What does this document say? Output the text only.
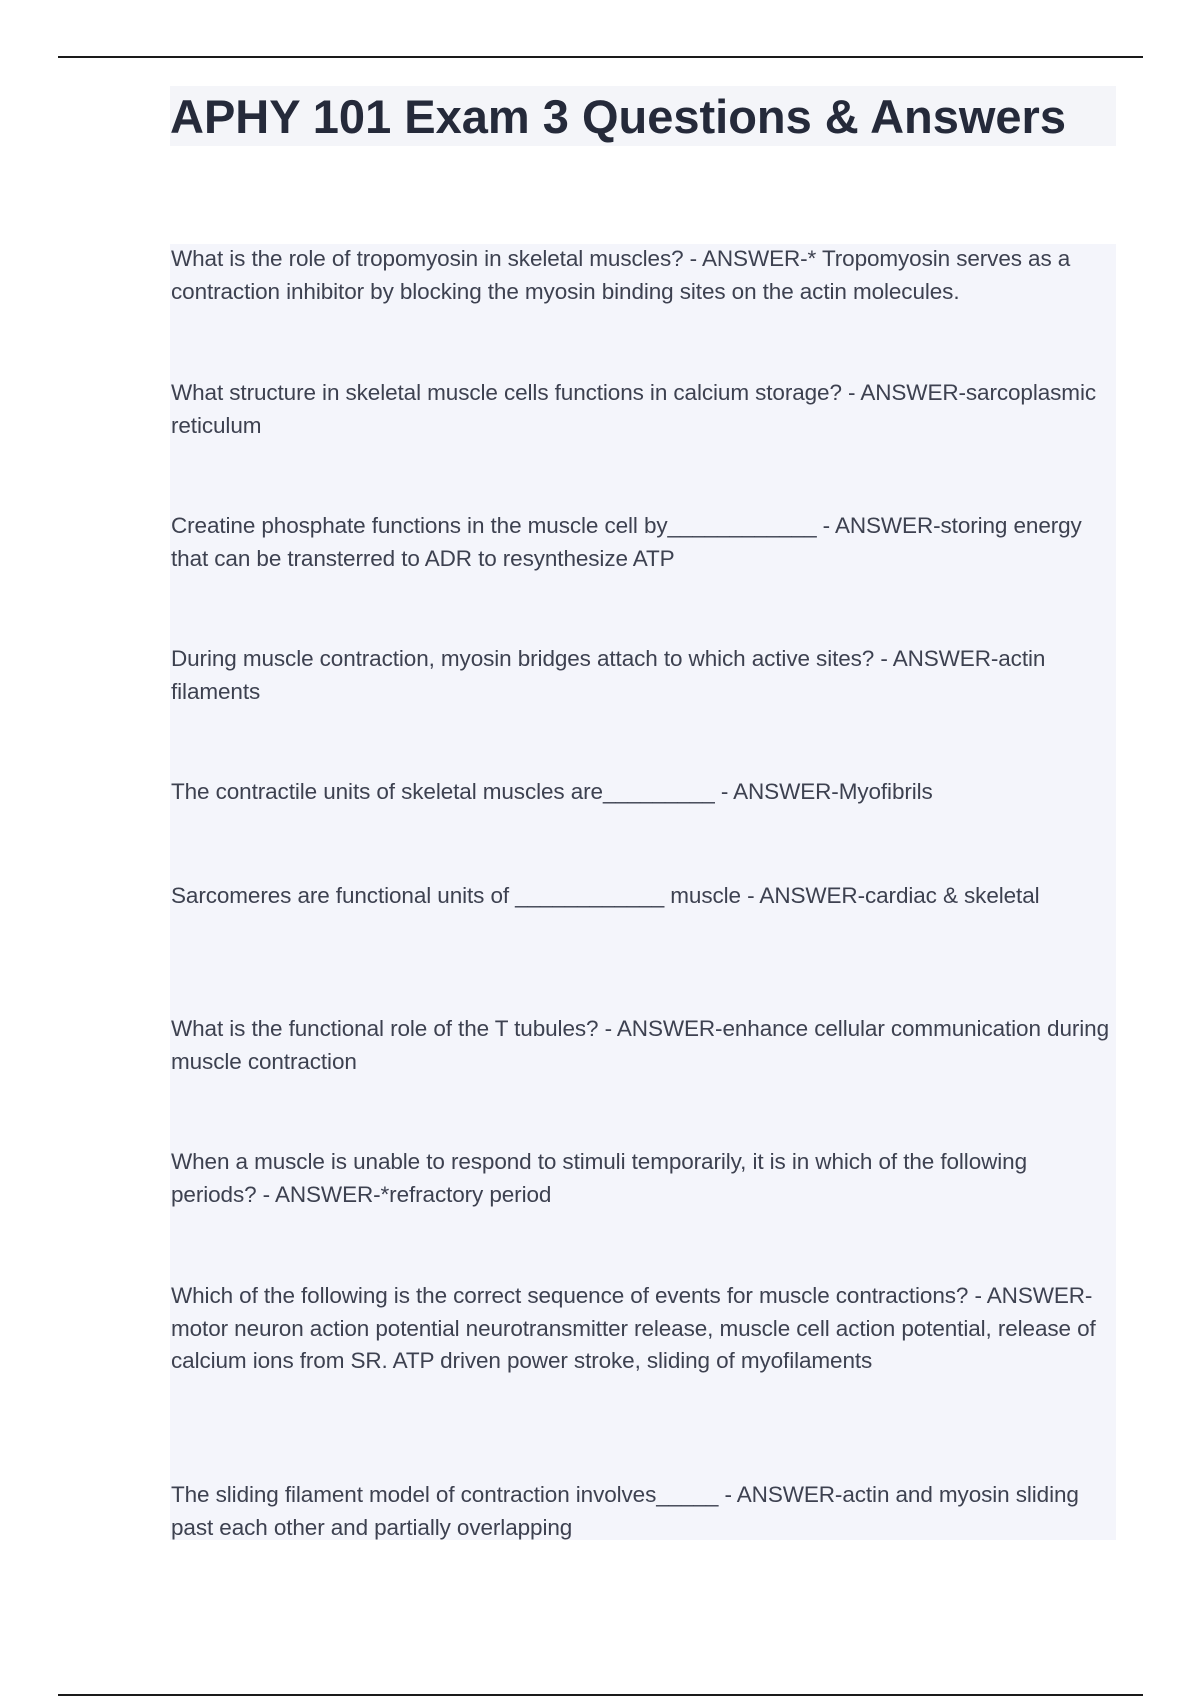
APHY 101 Exam 3 Questions & Answers

What is the role of tropomyosin in skeletal muscles? - ANSWER-* Tropomyosin serves as a contraction inhibitor by blocking the myosin binding sites on the actin molecules.

What structure in skeletal muscle cells functions in calcium storage? - ANSWER-sarcoplasmic reticulum

Creatine phosphate functions in the muscle cell by____________ - ANSWER-storing energy that can be transterred to ADR to resynthesize ATP

During muscle contraction, myosin bridges attach to which active sites? - ANSWER-actin filaments

The contractile units of skeletal muscles are_________ - ANSWER-Myofibrils

Sarcomeres are functional units of ____________ muscle - ANSWER-cardiac & skeletal

What is the functional role of the T tubules? - ANSWER-enhance cellular communication during muscle contraction

When a muscle is unable to respond to stimuli temporarily, it is in which of the following periods? - ANSWER-*refractory period

Which of the following is the correct sequence of events for muscle contractions? - ANSWER-motor neuron action potential neurotransmitter release, muscle cell action potential, release of calcium ions from SR. ATP driven power stroke, sliding of myofilaments

The sliding filament model of contraction involves_____ - ANSWER-actin and myosin sliding past each other and partially overlapping
